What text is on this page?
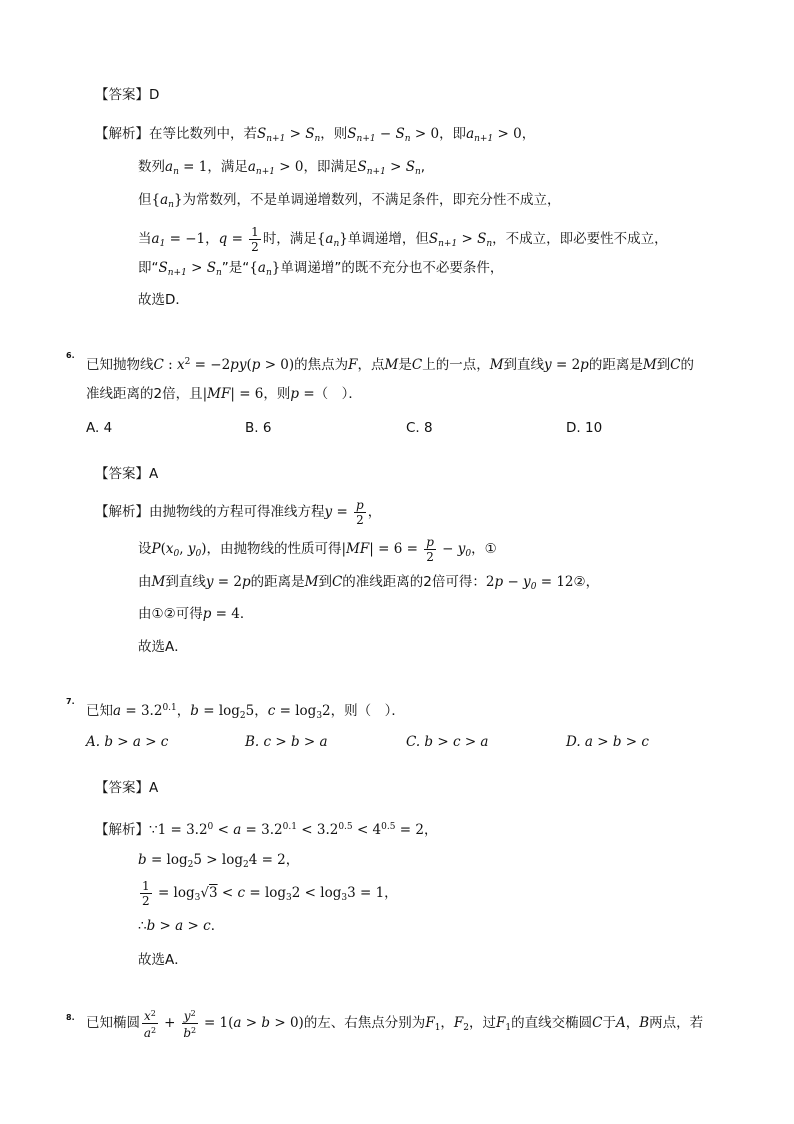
【答案】D
【解析】在等比数列中，若$S_{n+1} > S_n$，则$S_{n+1} - S_n > 0$，即$a_{n+1} > 0$，
数列$a_n = 1$，满足$a_{n+1} > 0$，即满足$S_{n+1} > S_n$,
但$\{a_n\}$为常数列，不是单调递增数列，不满足条件，即充分性不成立，
当$a_1 = -1$，$q = \frac{1}{2}$ 时，满足$\{a_n\}$单调递增，但$S_{n+1} > S_n$，不成立，即必要性不成立，
即“$S_{n+1} > S_n$”是“$\{a_n\}$单调递增”的既不充分也不必要条件，
故选D．
6.
已知抛物线C : $x^2 = -2py(p > 0)$的焦点为F，点M是C上的一点，M到直线y = 2p的距离是M到C的
准线距离的2倍，且|MF| = 6，则p =（　）．
A. 4	B. 6	C. 8	D. 10
【答案】A
【解析】由抛物线的方程可得准线方程$y = \frac{p}{2}$ ，
设$P(x_0$, $y_0$)，由抛物线的性质可得$|MF| = 6 = \frac{p}{2} - y_0$，①
由M到直线y = 2p的距离是M到C的准线距离的2倍可得：$2p - y_0$ = 12②，
由①②可得p = 4．
故选A．
7.
已知$a = 3.2^{0.1}$，$b = \log_25$，$c = \log_32$，则（　）．
A. b > a > c	B. c > b > a	C. b > c > a	D. a > b > c
【答案】A
【解析】∵1 = $3.2^0 < a = 3.2^{0.1} < 3.2^{0.5} < 4^{0.5} = 2$，
$b = \log_25 > \log_24 = 2$，
$\frac{1}{2} = \log_3√3 < c = \log_32 < \log_33 = 1$，
∴b > a > c．
故选A．
8. 已知椭圆 $\frac{x^2}{a^2} + \frac{y^2}{b^2} = 1(a > b > 0)$的左、右焦点分别为$F_1$，$F_2$，过$F_1$的直线交椭圆C于A，B两点，若
